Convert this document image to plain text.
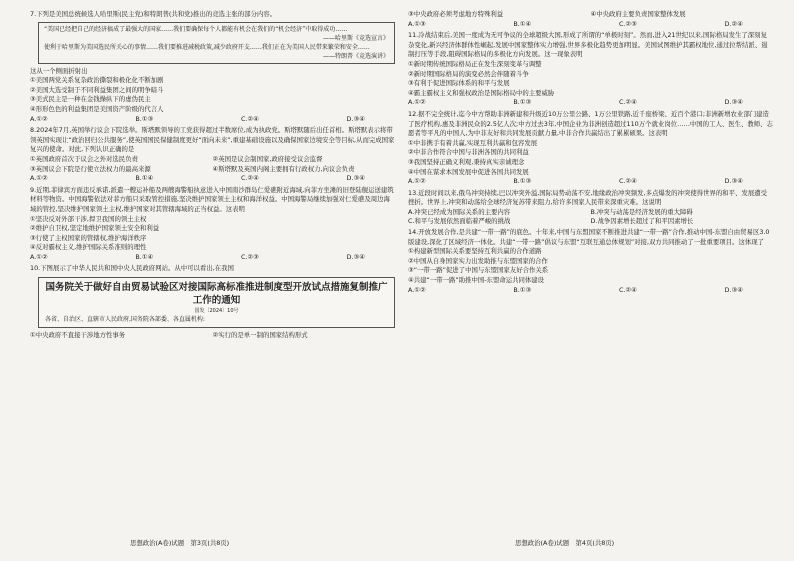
7.下列是美国总统候选人哈里斯(民主党)和特朗普(共和党)推出的竞选主张的部分内容。

“美国已经把自己的经济搞成了最强大的国家……我们要确保每个人都能有机会在我们的“机会经济”中取得成功……
——哈里斯《竞选宣言》
使利于哈里斯为美国选民所关心的事情……我们要推进减税政策,减少政府开支……我们正在为美国人民带来繁荣和安全……
——特朗普《竞选演讲》

这从一个侧面折射出

①美国两党关系复杂政治撕裂和极化化不断加剧

②美国大选受制于不同利益集团之间的明争暗斗

③美式民主是一种在金钱操纵下的虚伪民主

④形形色色的利益集团是美国资产阶级的代言人

A.①②	B.①③	C.②④	D.③④

8.2024年7月,英国举行议会下院选举。斯塔默领导的工党获得超过半数席位,成为执政党。斯塔默随后出任首相。斯塔默表示将带领英国实现让“政治回归公共服务”,使英国国民保健制度更好“面向未来”,重建基础设施以及确保国家边境安全等目标,从而完成国家复兴的使命。对此,下列认识正确的是

①英国政府首次于议会之外对选民负责	②英国是议会制国家,政府接受议会监督
③英国议会下院是行使立法权力的最高来源	④斯塔默及英国内阁主要拥有行政权力,向议会负责
A.①②	B.①④	C.②④	D.③④

9.近期,菲律宾方面违反承诺,派遣一艘运补船及两艘海警船执意进入中国南沙群岛仁爱礁附近海域,向菲方坐滩的旧登陆舰运送建筑材料等物资。中国海警依法对菲方船只采取管控措施,坚决维护国家领土主权和海洋权益。中国海警局继续加强对仁爱礁及周边海域的管控,坚决维护国家领土主权,维护国家对其管辖海域的正当权益。这表明

①坚决反对外部干涉,捍卫我国的领土主权

②维护自卫权,坚定地维护国家领土安全和利益

③行使了主权国家的管辖权,维护海洋秩序

④反对霸权主义,维护国际关系准则的理性

A.①②	B.①④	C.②③	D.③④

10.下图展示了中华人民共和国中央人民政府网站。从中可以看出,在我国

国务院关于做好自由贸易试验区对接国际高标准推进制度型开放试点措施复制推广工作的通知
国发〔2024〕10号
各省、自治区、直辖市人民政府,国务院各部委、各直属机构:
①中央政府不直接干涉地方性事务	②实行的是单一制的国家结构形式
③中央政府必须考虑地方特殊利益	④中央政府主要负责国家整体发展
A.①③	B.①④	C.②③	D.②④

11.冷战结束后,美国一度成为无可争议的全球超级大国,形成了所谓的“单极时刻”。然而,进入21世纪以来,国际格局发生了深刻复杂变化,新兴经济体群体性崛起,发展中国家整体实力增强,世界多极化趋势更加明显。美国试图维护其霸权地位,通过拉帮结派、遏制打压等手段,阻碍国际格局的多极化方向发展。这一现象表明

①新时期传统国际格局正在发生深刻变革与调整

②新时期国际格局的演变必然会伴随着斗争

③有利于促进国际体系的和平与发展

④霸主霸权主义和强权政治是国际格局中的主要威胁

A.①②	B.①③	C.②④	D.③④

12.据不完全统计,迄今中方帮助非洲新建和升级近10万公里公路、1万公里铁路,近千座桥梁、近百个港口;非洲新增农业部门建造了医疗机构,惠及非洲民众的2.5亿人次;中方过去3年,中国企业为非洲创造超过110万个就业岗位……中国的工人、医生、教师、志愿者等平凡的中国人,为中非友好和共同发展贡献力量,中非合作共赢结出了累累硕果。这表明

①中非携手有着共赢,实现互利共赢和包容发展

②中非合作符合中国与非洲各国的共同利益

③我国坚持正确义利观,秉持真实亲诚理念

④中国在谋求本国发展中促进各国共同发展

A.①②	B.①③	C.②④	D.③④

13.近段时间以来,俄乌冲突持续,巴以冲突外溢,国际局势动荡不安,地缘政治冲突频发,多点爆发的冲突使得世界的和平、发展遭受挫折。世界上,冲突和动荡给全球经济复苏带来阻力,给许多国家人民带来深重灾难。这说明

A.冲突已经成为国际关系的主要内容	B.冲突与动荡是经济发展的重大障碍
C.和平与发展依然面临着严峻的挑战	D.战争因素增长超过了和平因素增长

14.开放发展合作,是共建“一带一路”的底色。十年来,中国与东盟国家不断推进共建“一带一路”合作,推动中国-东盟自由贸易区3.0版建设,深化了区域经济一体化。共建“一带一路”倡议与东盟“互联互通总体规划”对接,双方共同推动了一批重要项目。这体现了

①构建新型国际关系要坚持互利共赢的合作道路

②中国从自身国家实力出发助推与东盟国家的合作

③“一带一路”促进了中国与东盟国家友好合作关系

④共建“一带一路”助推中国-东盟命运共同体建设

A.①②	B.①③	C.②④	D.③④
思想政治(A卷)试题　第3页(共8页)	思想政治(A卷)试题　第4页(共8页)
